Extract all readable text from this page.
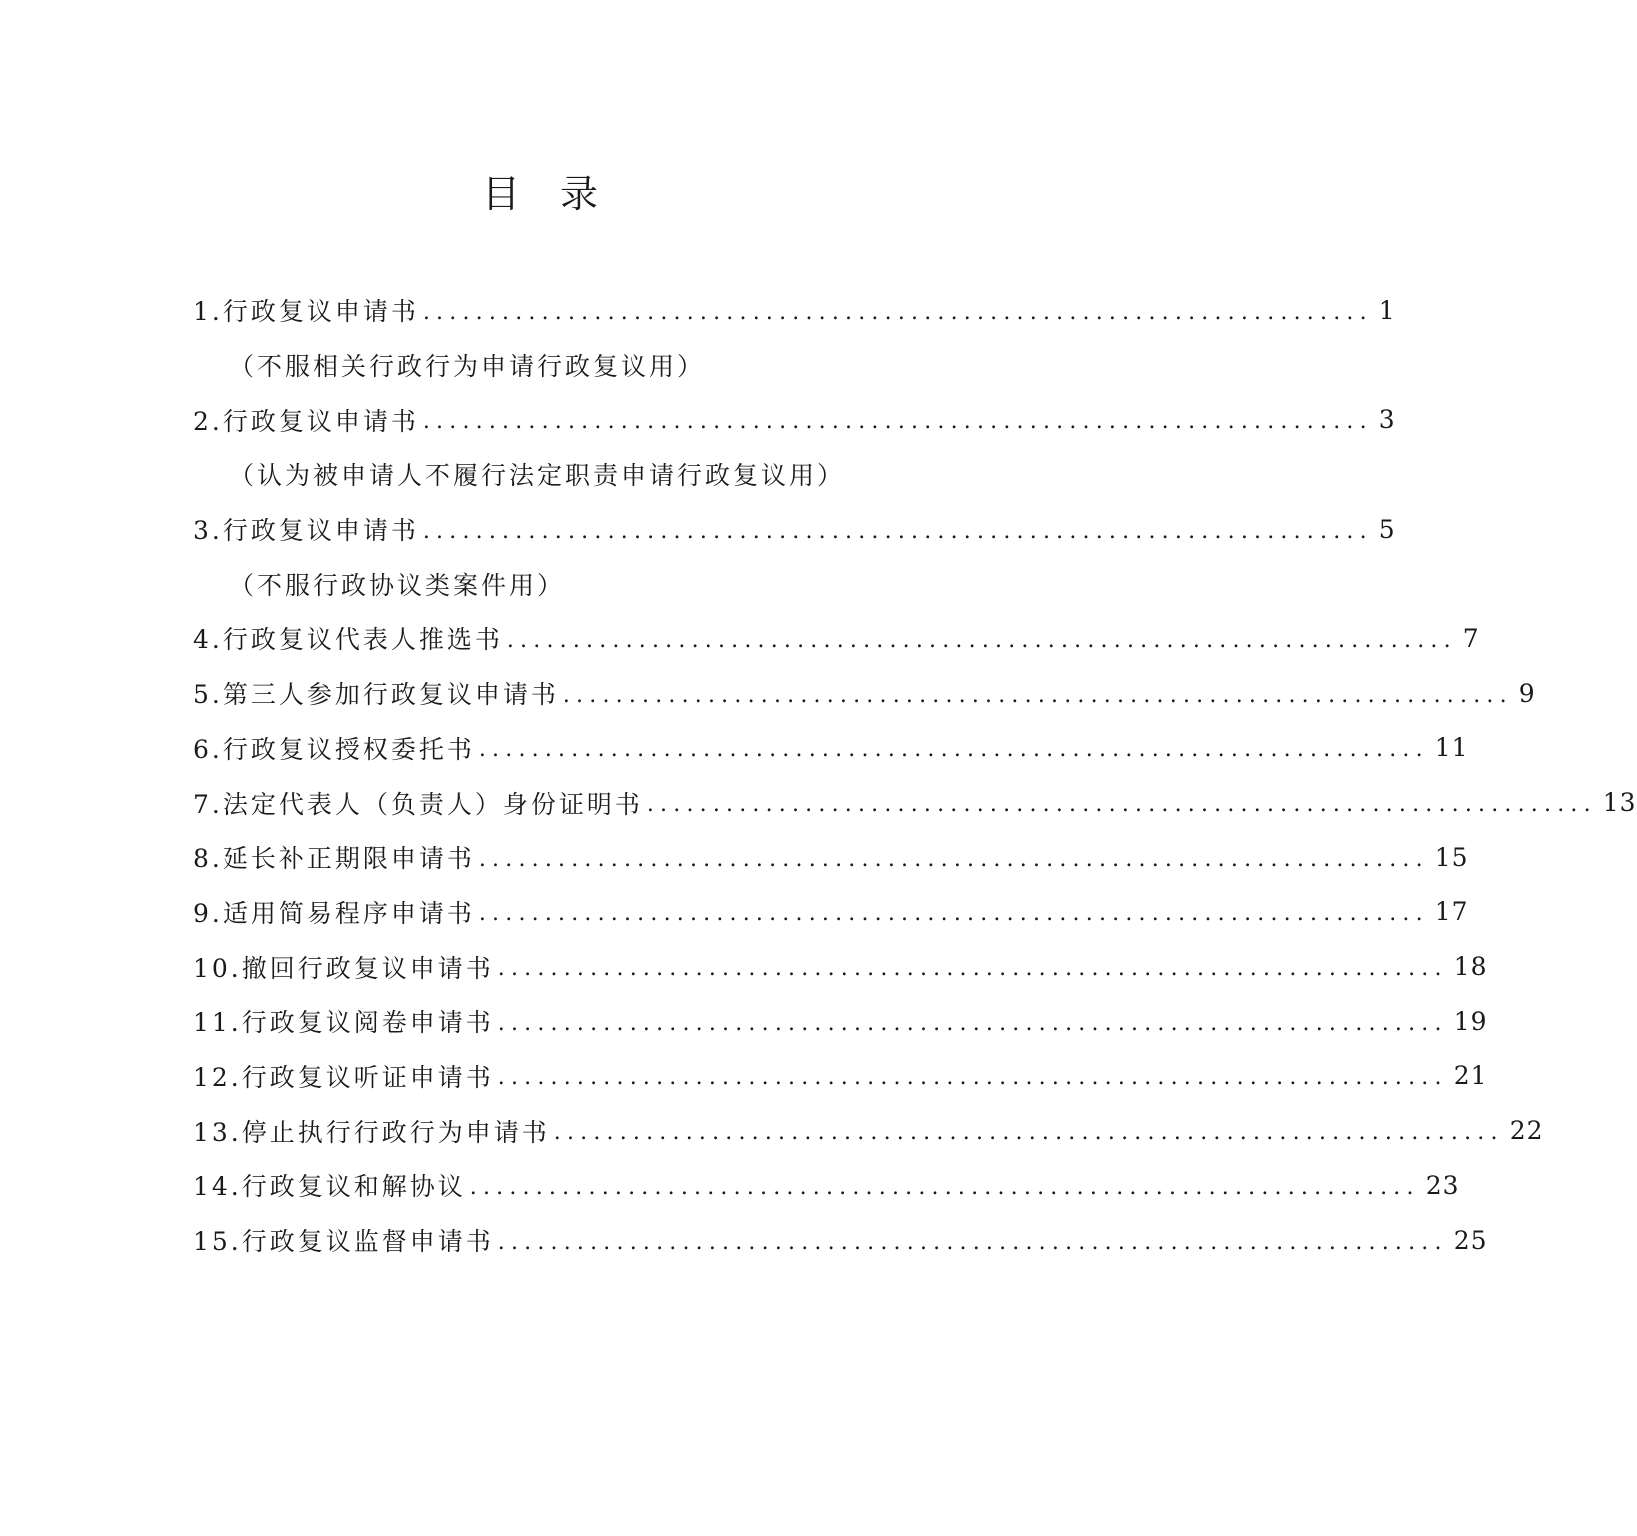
目 录
1.行政复议申请书 ........................................................................ 1
（不服相关行政行为申请行政复议用）
2.行政复议申请书 ........................................................................ 3
（认为被申请人不履行法定职责申请行政复议用）
3.行政复议申请书 ........................................................................ 5
（不服行政协议类案件用）
4.行政复议代表人推选书 ........................................................................ 7
5.第三人参加行政复议申请书 ........................................................................ 9
6.行政复议授权委托书 ........................................................................ 11
7.法定代表人（负责人）身份证明书 ........................................................................ 13
8.延长补正期限申请书 ........................................................................ 15
9.适用简易程序申请书 ........................................................................ 17
10.撤回行政复议申请书 ........................................................................ 18
11.行政复议阅卷申请书 ........................................................................ 19
12.行政复议听证申请书 ........................................................................ 21
13.停止执行行政行为申请书 ........................................................................ 22
14.行政复议和解协议 ........................................................................ 23
15.行政复议监督申请书 ........................................................................ 25
